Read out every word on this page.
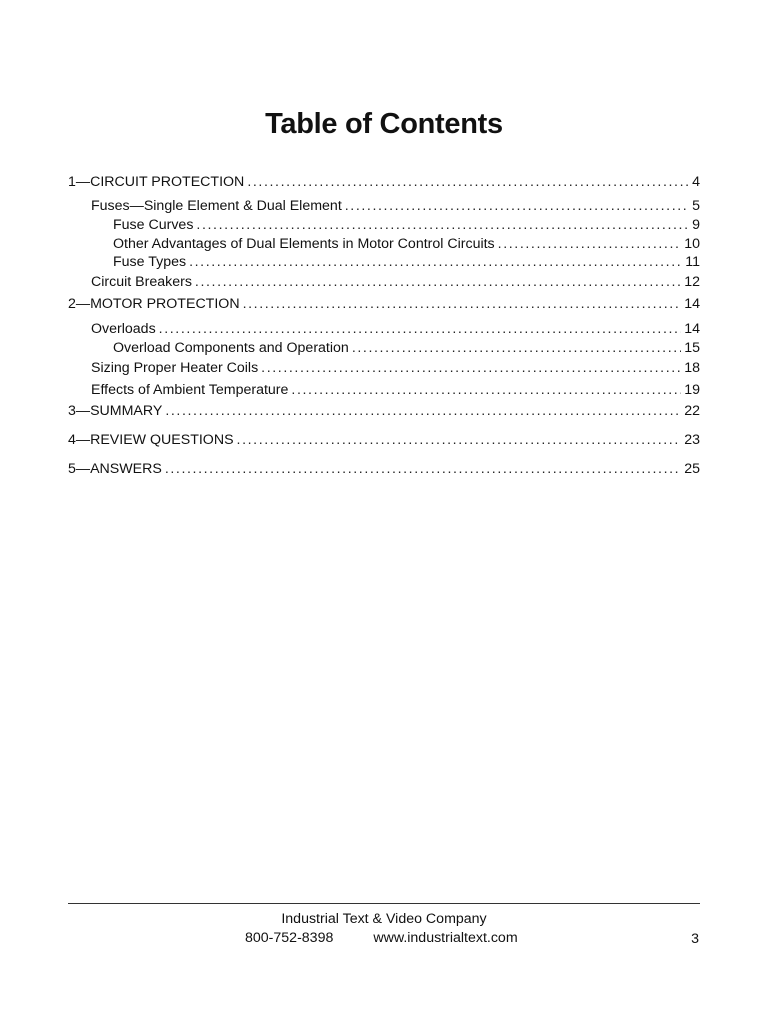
Table of Contents
1—CIRCUIT PROTECTION .....	4
Fuses—Single Element & Dual Element .....	5
Fuse Curves .....	9
Other Advantages of Dual Elements in Motor Control Circuits .....	10
Fuse Types .....	11
Circuit Breakers .....	12
2—MOTOR PROTECTION .....	14
Overloads .....	14
Overload Components and Operation .....	15
Sizing Proper Heater Coils .....	18
Effects of Ambient Temperature .....	19
3—SUMMARY .....	22
4—REVIEW QUESTIONS .....	23
5—ANSWERS .....	25
Industrial Text & Video Company
800-752-8398	www.industrialtext.com	3
